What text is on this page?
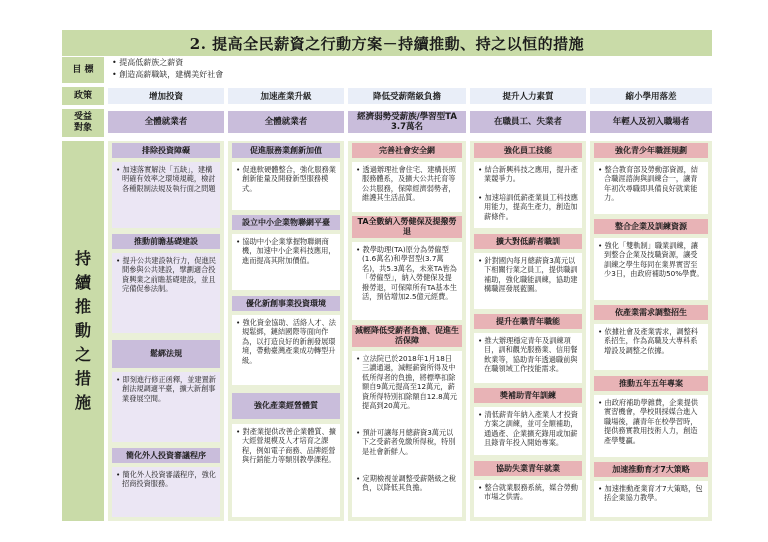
2. 提高全民薪資之行動方案－持續推動、持之以恒的措施
目 標
• 提高低薪族之薪資
• 創造高薪職缺，建構美好社會
政策
受益對象
持續推動之措施
增加投資
全體就業者
排除投資障礙
• 加速落實解決「五缺」，建構明確有效率之環境規範，檢討各種限制法規及執行面之問題
推動前瞻基礎建設
• 提升公共建設執行力，促進民間參與公共建設，擘劃適合投資興業之前瞻基礎建設，並且完備促參法制。
鬆綁法規
• 即刻進行修正函釋，並建置新創法規調適平臺，擴大新創事業發展空間。
簡化外人投資審議程序
• 簡化外人投資審議程序，強化招商投資服務。
加速產業升級
全體就業者
促進服務業創新加值
• 促進軟硬體整合，強化服務業創新能量及開發新型服務模式。
設立中小企業物聯網平臺
• 協助中小企業掌握物聯網商機，加速中小企業科技應用，進而提高其附加價值。
優化新創事業投資環境
• 強化資金協助、活絡人才、法規鬆綁，鏈結國際等面向作為，以打造良好的新創發展環境，帶動臺灣產業成功轉型升級。
強化產業經營體質
• 對產業提供改善企業體質、擴大經營規模及人才培育之課程，例如電子商務、品牌經營與行銷能力等類別教學課程。
降低受薪階級負擔
經濟弱勢受薪族/學習型TA 3.7萬名
完善社會安全網
• 透過辦理社會住宅、建構長照服務體系，及擴大公共托育等公共服務，保障經濟弱勢者，維護其生活品質。
TA全數納入勞健保及提撥勞退
• 教學助理(TA)原分為勞僱型(1.6萬名)和學習型(3.7萬名)，共5.3萬名，未來TA皆為「勞僱型」，納入勞健保及提撥勞退，可保障所有TA基本生活，預估增加2.5億元經費。
減輕降低受薪者負擔、促進生活保障
• 立法院已於2018年1月18日三讀通過，減輕薪資所得及中低所得者的負擔，將標準扣除額自9萬元提高至12萬元，薪資所得特別扣除額自12.8萬元提高到20萬元。
• 預計可讓每月總薪資3萬元以下之受薪者免繳所得稅，特別是社會新鮮人。
• 定期檢視並調整受薪階級之稅負，以降低其負擔。
提升人力素質
在職員工、失業者
強化員工技能
• 結合新興科技之應用，提升產業競爭力。
• 加速培訓低薪產業員工科技應用能力，提高生產力，創造加薪條件。
擴大對低薪者職訓
• 針對國內每月總薪資3萬元以下相關行業之員工，提供職訓補助，強化職能訓練，協助建構職涯發展藍圖。
提升在職青年職能
• 推大辦理穩定青年及訓練項目，訓和觀光服務業、信用餐飲業等，協助青年透過職前與在職領域工作技能需求。
獎補助青年訓練
• 清低薪青年納入產業人才投資方案之訓練，並可全額補助，通過產、企業擴充錄用或加薪且錄青年投入開始專案。
協助失業青年就業
• 整合就業服務系統，媒合勞動市場之供需。
縮小學用落差
年輕人及初入職場者
強化青少年職涯規劃
• 整合教育部及勞動部資源，結合職涯諮詢與訓練合一，讓青年初次尋職即具備良好就業能力。
整合企業及訓練資源
• 強化「雙軌制」職業訓練，讓到整合企業及技職資源，讓受訓練之學生每同在業界實習至少3日，由政府補助50%學費。
依產業需求調整招生
• 依據社會及產業需求，調整科系招生，作為高職及大專科系增設及調整之依據。
推動五年五年專案
• 由政府補助學雜費，企業提供實習機會，學校則採媒合進入職場後，讓青年在校學習時，提供務實教用技術人力，創造產學雙贏。
加速推動育才7大策略
• 加速推動產業育才7大策略，包括企業協力教學。
